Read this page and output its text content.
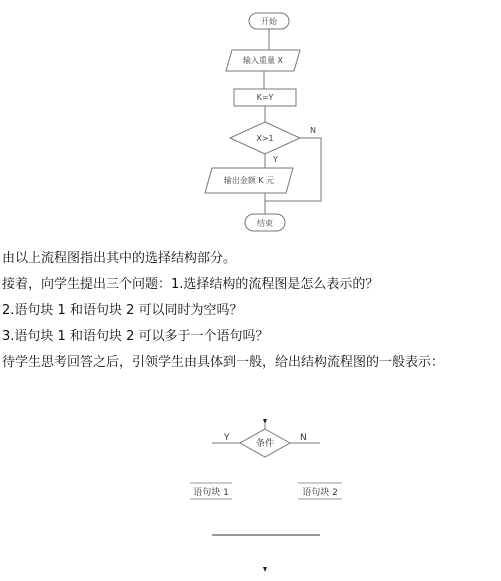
开始
输入重量 X
K=Y
X>1
Y
N
输出金额 K 元
结束
由以上流程图指出其中的选择结构部分。
接着，向学生提出三个问题：1.选择结构的流程图是怎么表示的？
2.语句块 1 和语句块 2 可以同时为空吗？
3.语句块 1 和语句块 2 可以多于一个语句吗？
待学生思考回答之后，引领学生由具体到一般，给出结构流程图的一般表示：
条件
Y	N
语句块 1	语句块 2
